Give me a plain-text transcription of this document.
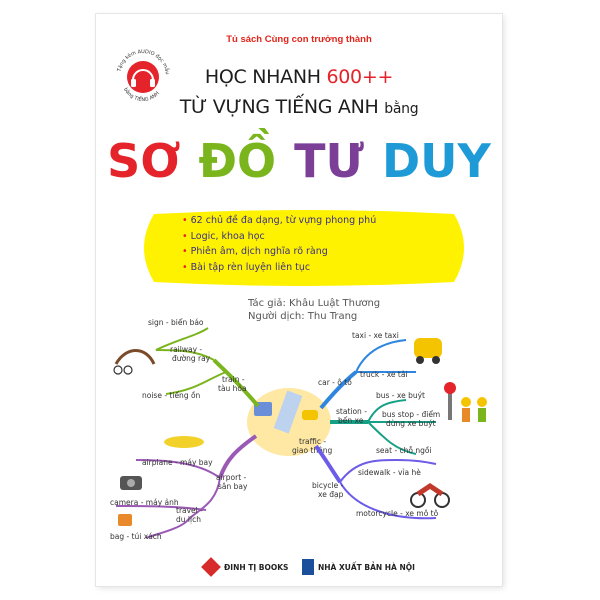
Tủ sách Cùng con trưởng thành
Tặng kèm AUDIO đọc mẫu
bằng TIẾNG ANH
HỌC NHANH 600++
TỪ VỰNG TIẾNG ANH bằng
SƠ ĐỒ TƯ DUY
• 62 chủ đề đa dạng, từ vựng phong phú
• Logic, khoa học
• Phiên âm, dịch nghĩa rõ ràng
• Bài tập rèn luyện liên tục
Tác giả: Khâu Luật Thương
Người dịch: Thu Trang
traffic -
giao thông
sign - biển báo
railway -
đường ray
train -
tàu hỏa
noise - tiếng ồn
airplane - máy bay
airport -
sân bay
camera - máy ảnh
travel -
du lịch
bag - túi xách
taxi - xe taxi
truck - xe tải
car - ô tô
bus - xe buýt
station -
bến xe
bus stop - điểm
dừng xe buýt
seat - chỗ ngồi
sidewalk - vỉa hè
bicycle -
xe đạp
motorcycle - xe mô tô
ĐINH TỊ BOOKS	NHÀ XUẤT BẢN HÀ NỘI
